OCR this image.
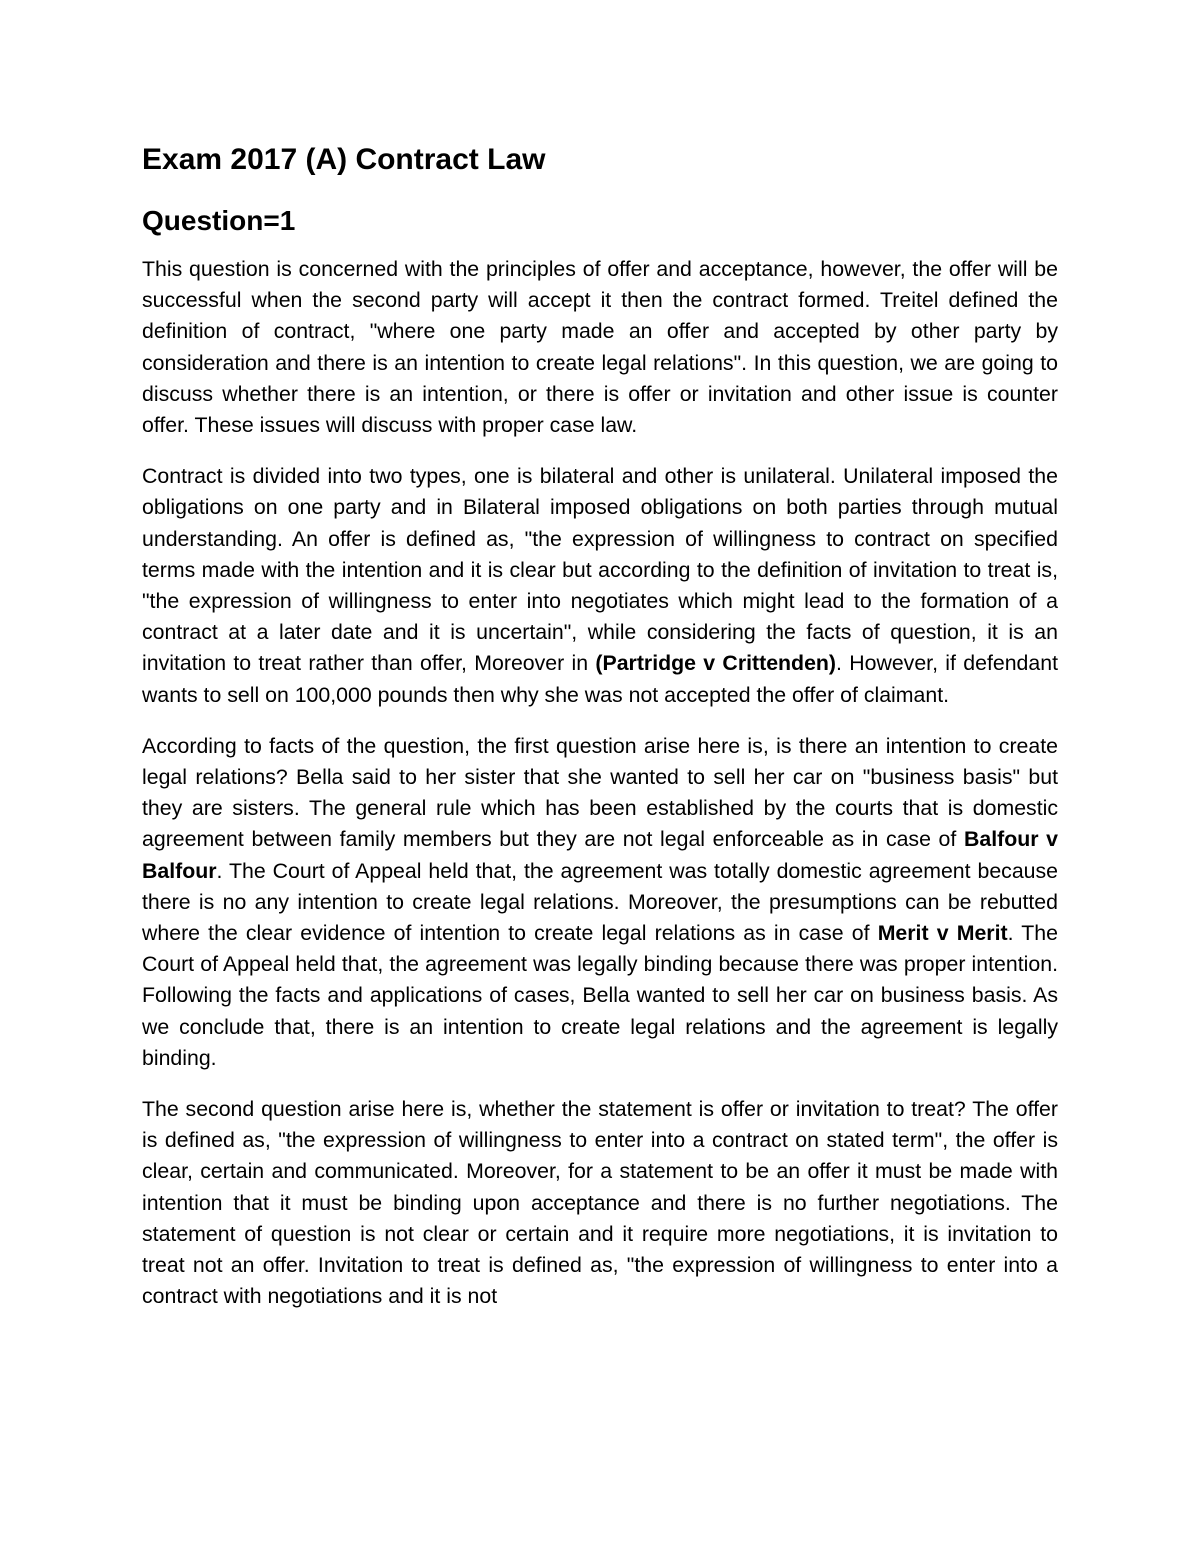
Exam 2017 (A) Contract Law
Question=1

This question is concerned with the principles of offer and acceptance, however, the offer will be successful when the second party will accept it then the contract formed. Treitel defined the definition of contract, "where one party made an offer and accepted by other party by consideration and there is an intention to create legal relations". In this question, we are going to discuss whether there is an intention, or there is offer or invitation and other issue is counter offer. These issues will discuss with proper case law.

Contract is divided into two types, one is bilateral and other is unilateral. Unilateral imposed the obligations on one party and in Bilateral imposed obligations on both parties through mutual understanding. An offer is defined as, "the expression of willingness to contract on specified terms made with the intention and it is clear but according to the definition of invitation to treat is, "the expression of willingness to enter into negotiates which might lead to the formation of a contract at a later date and it is uncertain", while considering the facts of question, it is an invitation to treat rather than offer, Moreover in (Partridge v Crittenden). However, if defendant wants to sell on 100,000 pounds then why she was not accepted the offer of claimant.

According to facts of the question, the first question arise here is, is there an intention to create legal relations? Bella said to her sister that she wanted to sell her car on "business basis" but they are sisters. The general rule which has been established by the courts that is domestic agreement between family members but they are not legal enforceable as in case of Balfour v Balfour. The Court of Appeal held that, the agreement was totally domestic agreement because there is no any intention to create legal relations. Moreover, the presumptions can be rebutted where the clear evidence of intention to create legal relations as in case of Merit v Merit. The Court of Appeal held that, the agreement was legally binding because there was proper intention. Following the facts and applications of cases, Bella wanted to sell her car on business basis. As we conclude that, there is an intention to create legal relations and the agreement is legally binding.

The second question arise here is, whether the statement is offer or invitation to treat? The offer is defined as, "the expression of willingness to enter into a contract on stated term", the offer is clear, certain and communicated. Moreover, for a statement to be an offer it must be made with intention that it must be binding upon acceptance and there is no further negotiations. The statement of question is not clear or certain and it require more negotiations, it is invitation to treat not an offer. Invitation to treat is defined as, "the expression of willingness to enter into a contract with negotiations and it is not
